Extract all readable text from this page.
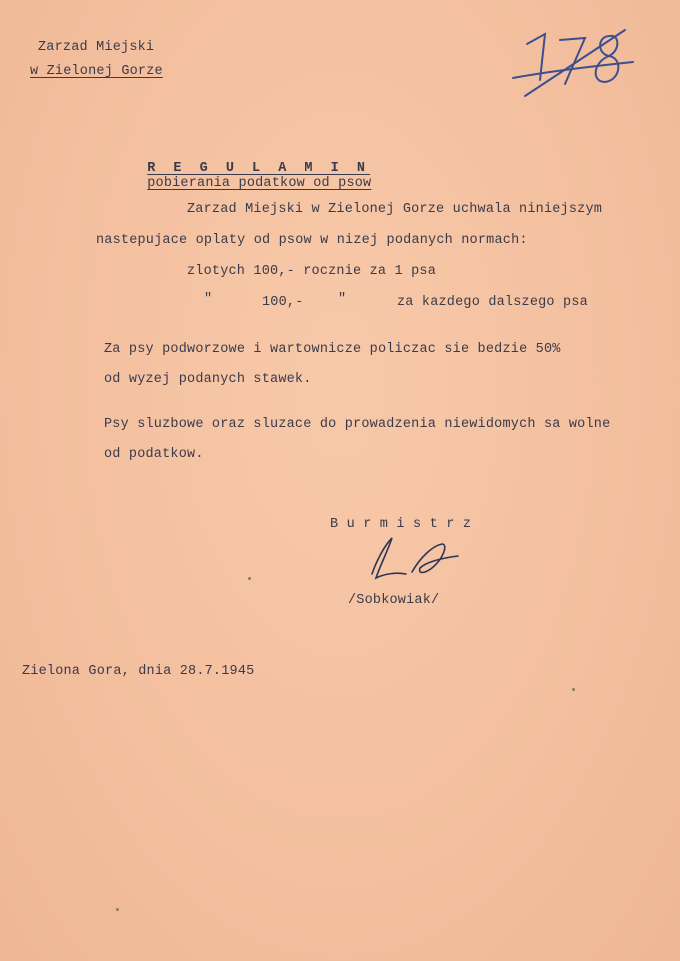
Zarzad Miejski
w Zielonej Gorze

R E G U L A M I N
pobierania podatkow od psow

Zarzad Miejski w Zielonej Gorze uchwala niniejszym
nastepujace oplaty od psow w nizej podanych normach:
zlotych 100,- rocznie za 1 psa
"	100,-	"	za kazdego dalszego psa
Za psy podworzowe i wartownicze policzac sie bedzie 50%
od wyzej podanych stawek.
Psy sluzbowe oraz sluzace do prowadzenia niewidomych sa wolne
od podatkow.
B u r m i s t r z
/Sobkowiak/
Zielona Gora, dnia 28.7.1945
